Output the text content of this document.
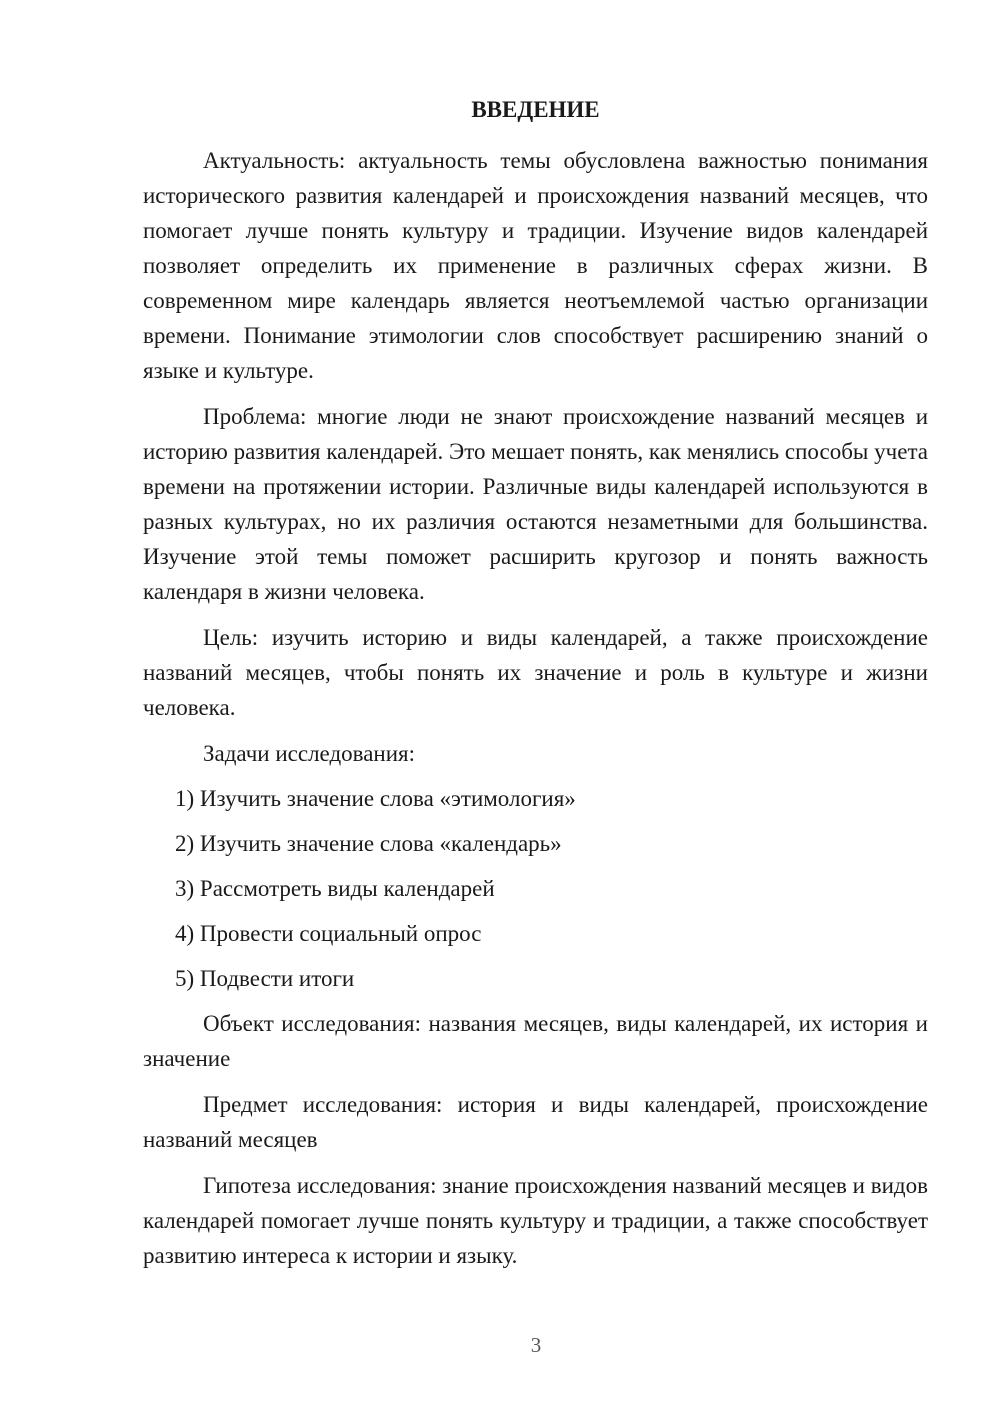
ВВЕДЕНИЕ

Актуальность: актуальность темы обусловлена важностью понимания исторического развития календарей и происхождения названий месяцев, что помогает лучше понять культуру и традиции. Изучение видов календарей позволяет определить их применение в различных сферах жизни. В современном мире календарь является неотъемлемой частью организации времени. Понимание этимологии слов способствует расширению знаний о языке и культуре.

Проблема: многие люди не знают происхождение названий месяцев и историю развития календарей. Это мешает понять, как менялись способы учета времени на протяжении истории. Различные виды календарей используются в разных культурах, но их различия остаются незаметными для большинства. Изучение этой темы поможет расширить кругозор и понять важность календаря в жизни человека.

Цель: изучить историю и виды календарей, а также происхождение названий месяцев, чтобы понять их значение и роль в культуре и жизни человека.

Задачи исследования:
1) Изучить значение слова «этимология»
2) Изучить значение слова «календарь»
3) Рассмотреть виды календарей
4) Провести социальный опрос
5) Подвести итоги

Объект исследования: названия месяцев, виды календарей, их история и значение

Предмет исследования: история и виды календарей, происхождение названий месяцев

Гипотеза исследования: знание происхождения названий месяцев и видов календарей помогает лучше понять культуру и традиции, а также способствует развитию интереса к истории и языку.

3
